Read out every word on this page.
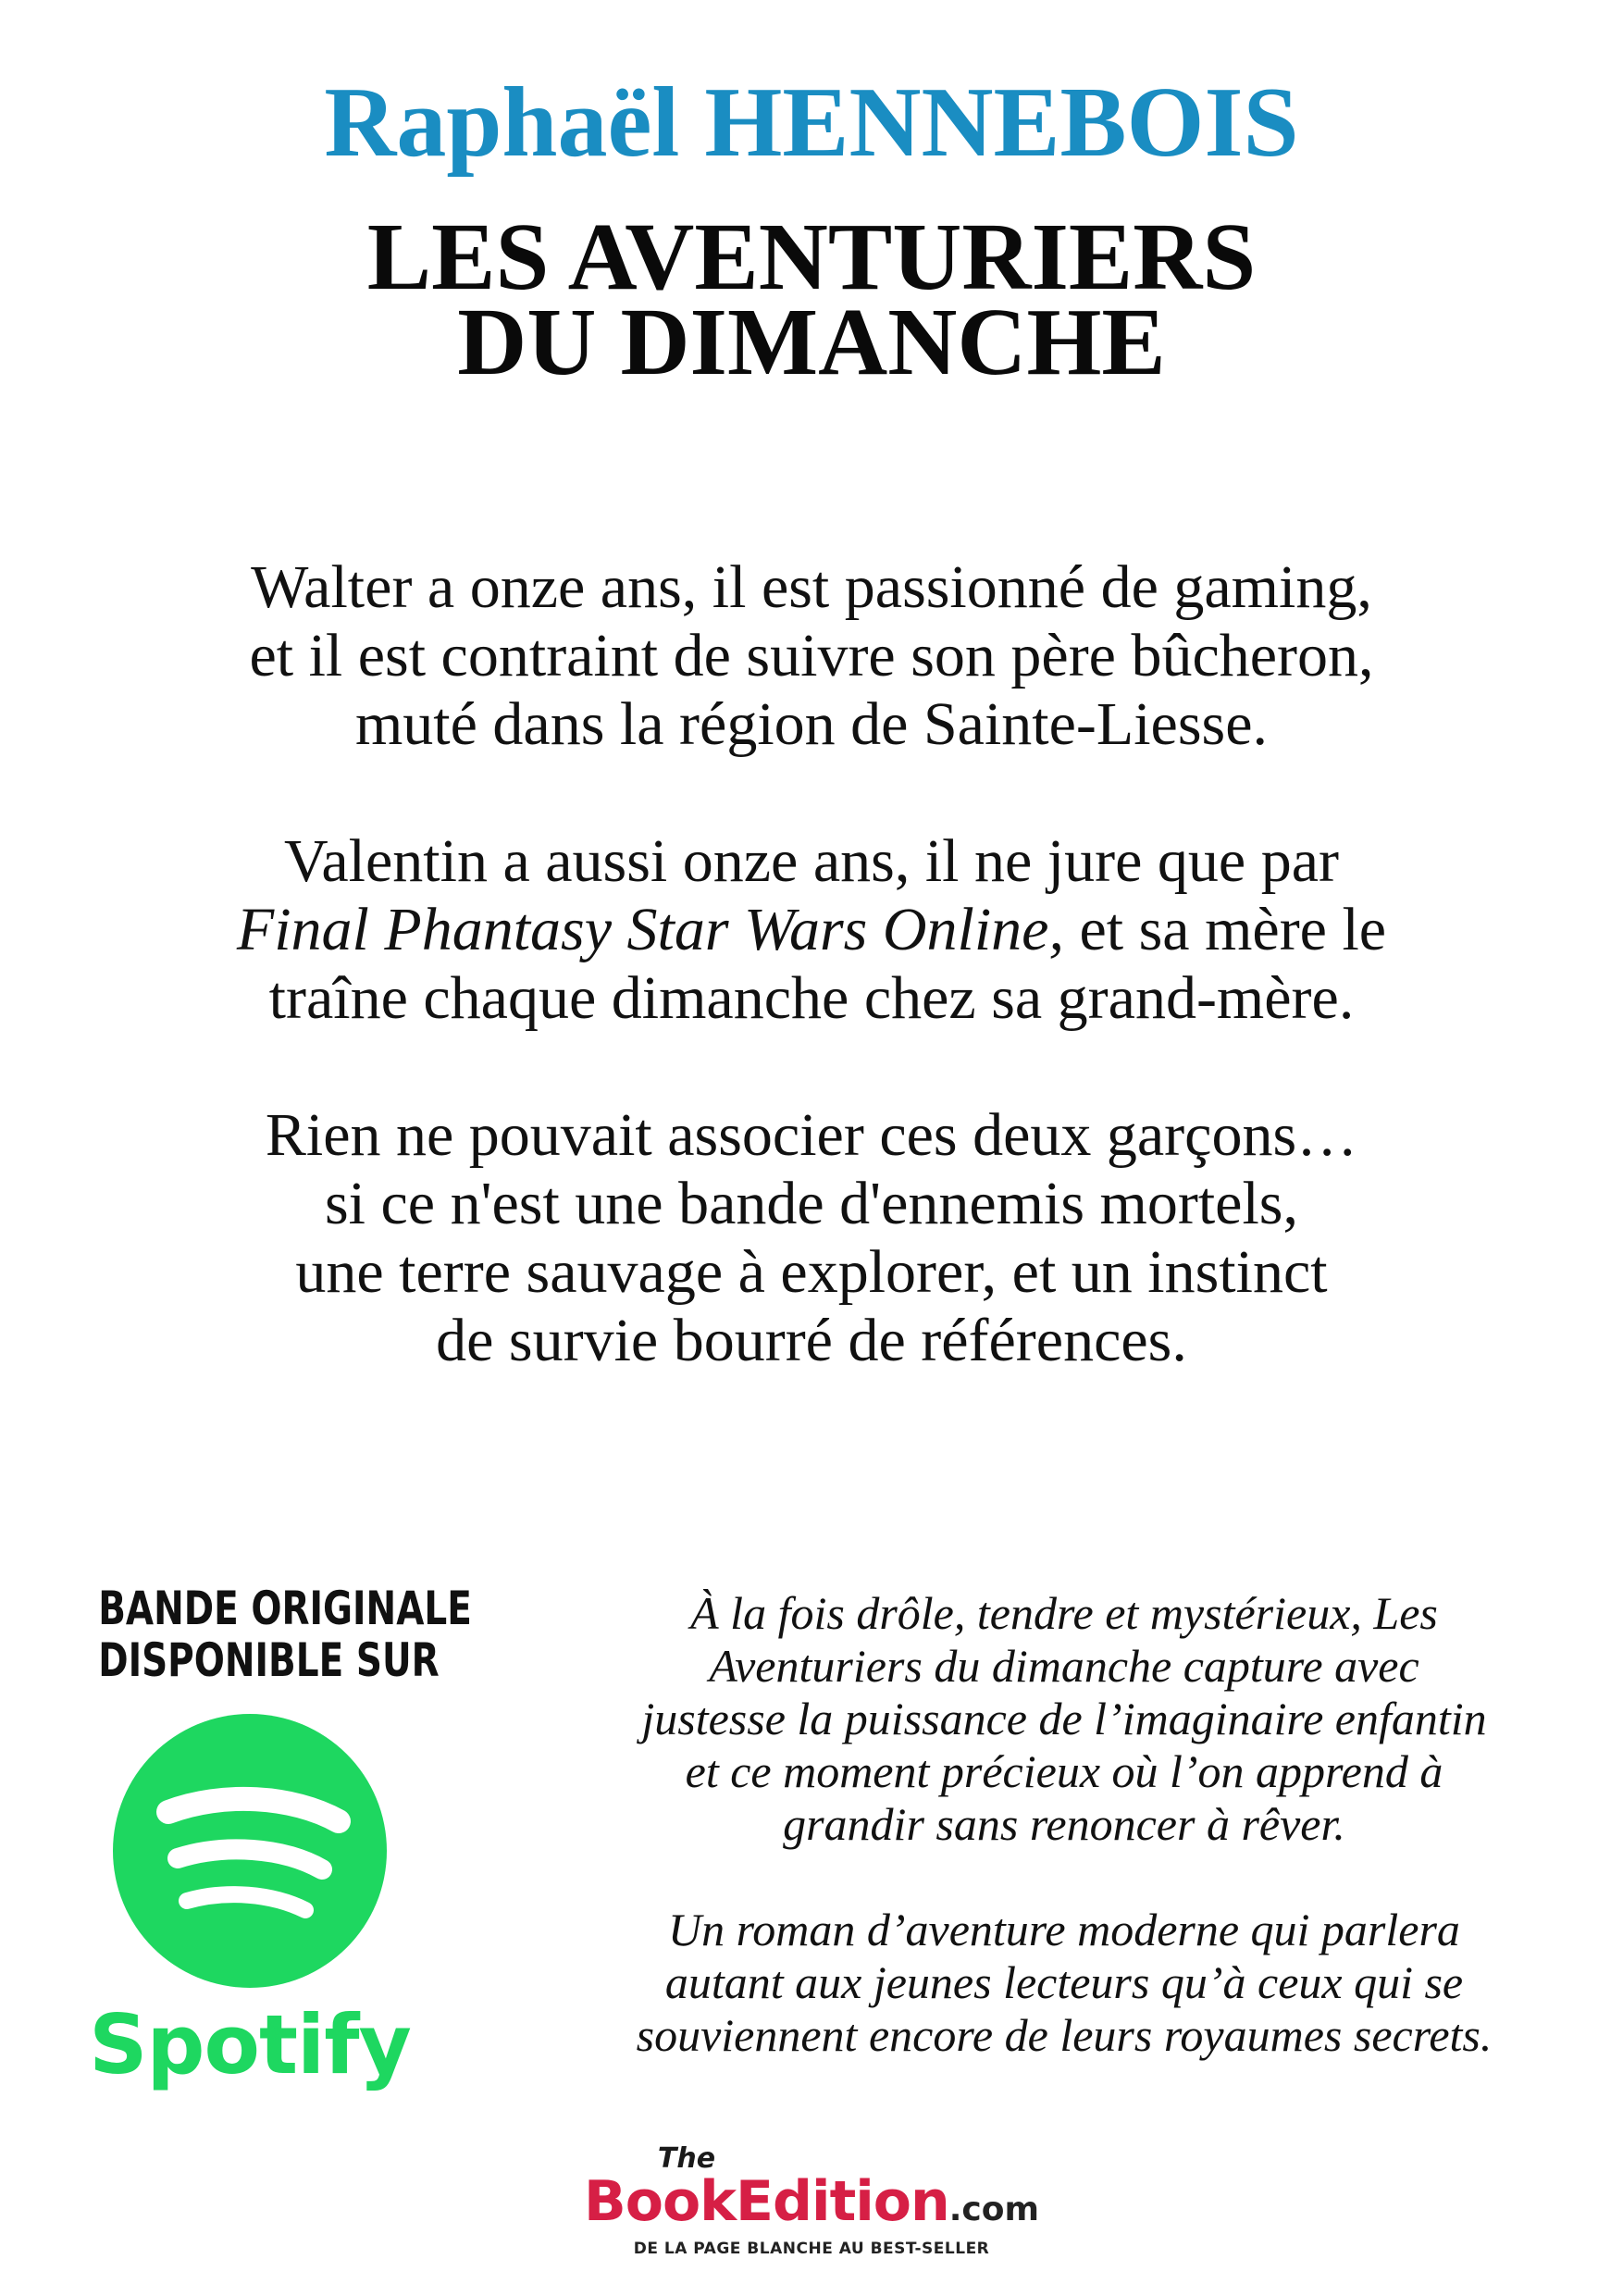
Raphaël HENNEBOIS
LES AVENTURIERS
DU DIMANCHE

Walter a onze ans, il est passionné de gaming,
et il est contraint de suivre son père bûcheron,
muté dans la région de Sainte-Liesse.

Valentin a aussi onze ans, il ne jure que par
Final Phantasy Star Wars Online, et sa mère le
traîne chaque dimanche chez sa grand-mère.

Rien ne pouvait associer ces deux garçons…
si ce n'est une bande d'ennemis mortels,
une terre sauvage à explorer, et un instinct
de survie bourré de références.

BANDE ORIGINALE
DISPONIBLE SUR
Spotify

À la fois drôle, tendre et mystérieux, Les
Aventuriers du dimanche capture avec
justesse la puissance de l’imaginaire enfantin
et ce moment précieux où l’on apprend à
grandir sans renoncer à rêver.

Un roman d’aventure moderne qui parlera
autant aux jeunes lecteurs qu’à ceux qui se
souviennent encore de leurs royaumes secrets.

The
BookEdition.com
DE LA PAGE BLANCHE AU BEST-SELLER
